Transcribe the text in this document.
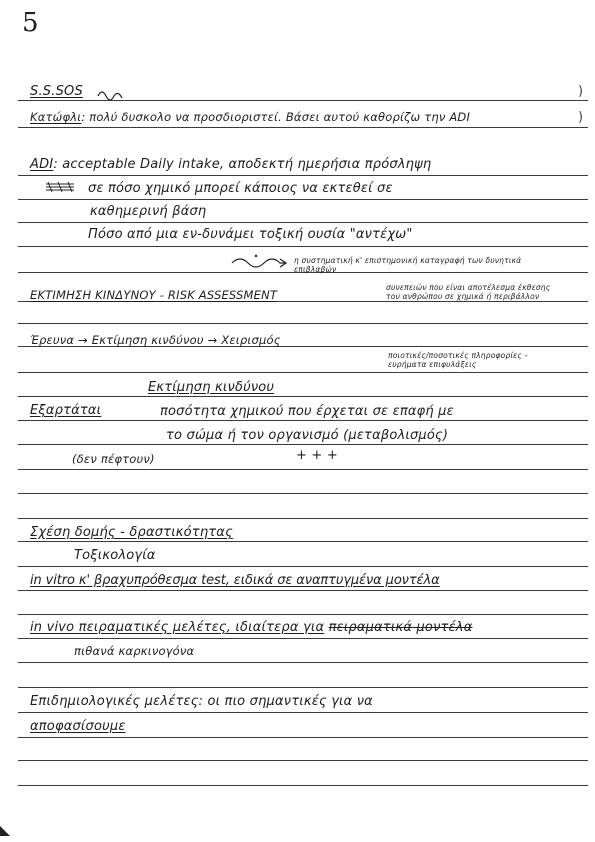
5
)
)
S.S.SOS
Κατώφλι: πολύ δυσκολο να προσδιοριστεί. Βάσει αυτού καθορίζω την ADI
ADI: acceptable Daily intake, αποδεκτή ημερήσια πρόσληψη
σε πόσο χημικό μπορεί κάποιος να εκτεθεί σε
καθημερινή βάση
Πόσο από μια εν-δυνάμει τοξική ουσία "αντέχω"
η συστηματική κ' επιστημονική καταγραφή των δυνητικά επιβλαβών
ΕΚΤΙΜΗΣΗ ΚΙΝΔΥΝΟΥ - RISK ASSESSMENT
συνεπειών που είναι αποτέλεσμα έκθεσης του ανθρώπου σε χημικά ή περιβάλλον
Έρευνα → Εκτίμηση κινδύνου → Χειρισμός
ποιοτικές/ποσοτικές πληροφορίες - ευρήματα επιφυλάξεις
Εκτίμηση κινδύνου
Εξαρτάται	ποσότητα χημικού που έρχεται σε επαφή με
το σώμα ή τον οργανισμό (μεταβολισμός)
(δεν πέφτουν)	+ + +
Σχέση δομής - δραστικότητας
Τοξικολογία
in vitro κ' βραχυπρόθεσμα test, ειδικά σε αναπτυγμένα μοντέλα
in vivo πειραματικές μελέτες, ιδιαίτερα για πειραματικά μοντέλα
πιθανά καρκινογόνα
Επιδημιολογικές μελέτες: οι πιο σημαντικές για να
αποφασίσουμε
